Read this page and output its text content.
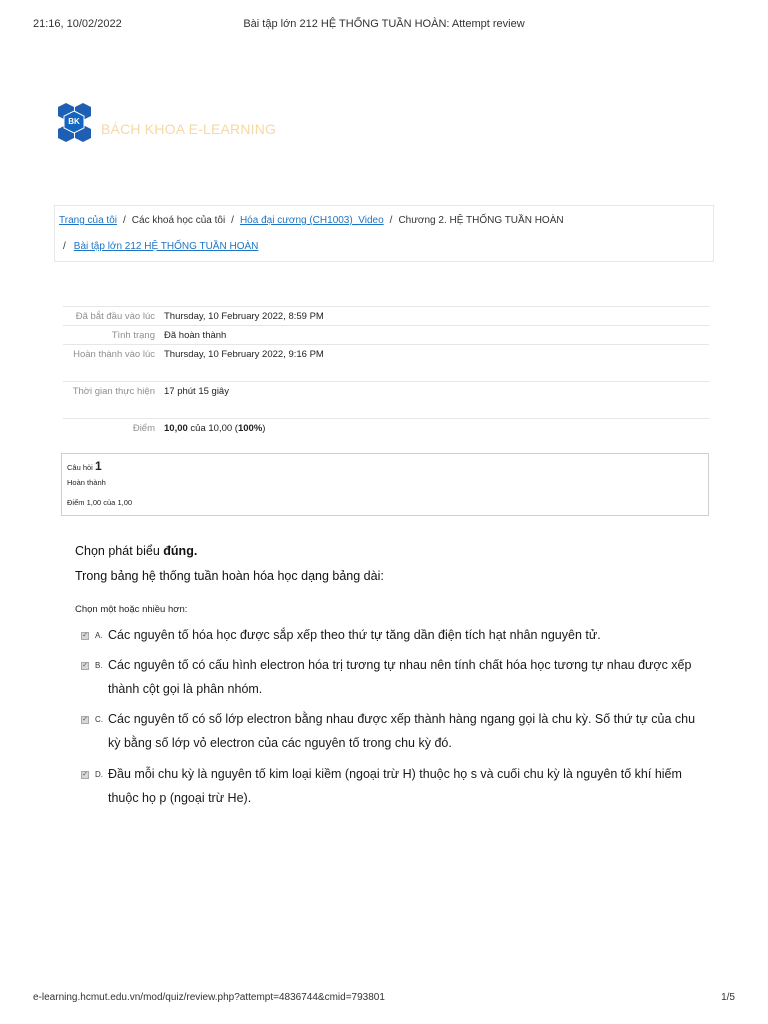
21:16, 10/02/2022	Bài tập lớn 212 HỆ THỐNG TUẦN HOÀN: Attempt review
BK BÁCH KHOA E-LEARNING
Trang của tôi / Các khoá học của tôi / Hóa đại cương (CH1003)_Video / Chương 2. HỆ THỐNG TUẦN HOÀN
/ Bài tập lớn 212 HỆ THỐNG TUẦN HOÀN
Đã bắt đầu vào lúc Thursday, 10 February 2022, 8:59 PM
Tình trạng Đã hoàn thành
Hoàn thành vào lúc Thursday, 10 February 2022, 9:16 PM
Thời gian thực hiện 17 phút 15 giây
Điểm 10,00 của 10,00 (100%)
Câu hỏi 1
Hoàn thành
Điểm 1,00 của 1,00
Chọn phát biểu đúng.
Trong bảng hệ thống tuần hoàn hóa học dạng bảng dài:
Chọn một hoặc nhiều hơn:
✓ A. Các nguyên tố hóa học được sắp xếp theo thứ tự tăng dần điện tích hạt nhân nguyên tử.
✓ B. Các nguyên tố có cấu hình electron hóa trị tương tự nhau nên tính chất hóa học tương tự nhau được xếp thành cột gọi là phân nhóm.
✓ C. Các nguyên tố có số lớp electron bằng nhau được xếp thành hàng ngang gọi là chu kỳ. Số thứ tự của chu kỳ bằng số lớp vỏ electron của các nguyên tố trong chu kỳ đó.
✓ D. Đầu mỗi chu kỳ là nguyên tố kim loại kiềm (ngoại trừ H) thuộc họ s và cuối chu kỳ là nguyên tố khí hiếm thuộc họ p (ngoại trừ He).
e-learning.hcmut.edu.vn/mod/quiz/review.php?attempt=4836744&cmid=793801	1/5
